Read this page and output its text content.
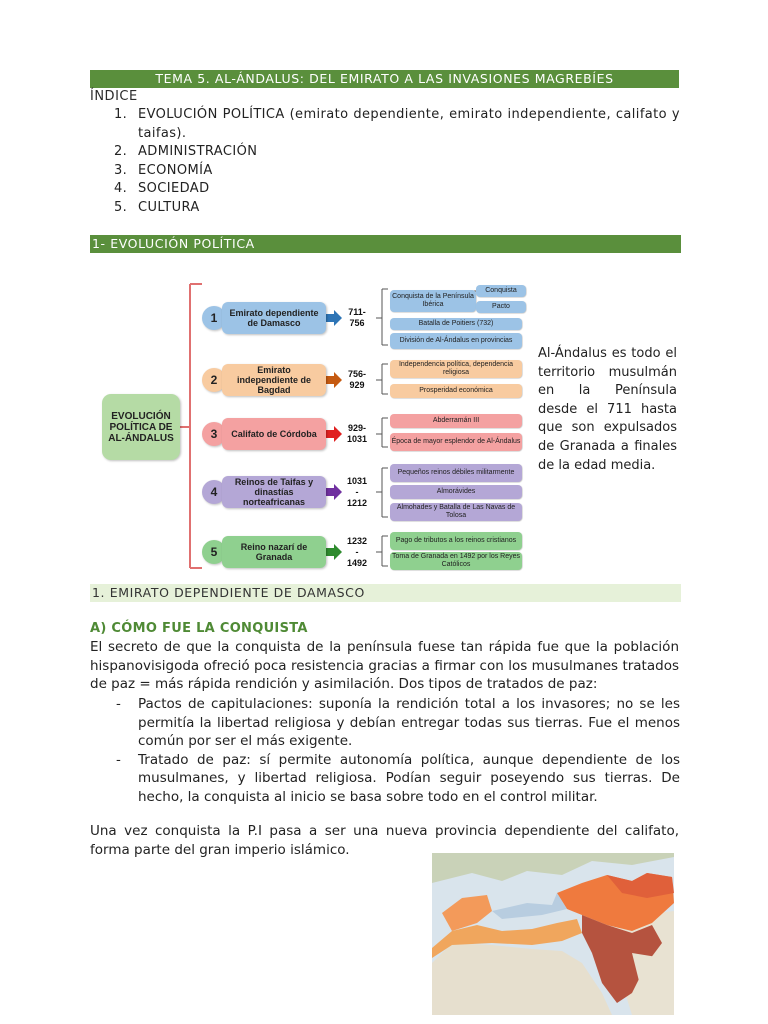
TEMA 5. AL-ÁNDALUS: DEL EMIRATO A LAS INVASIONES MAGREBÍES
ÍNDICE
1. EVOLUCIÓN POLÍTICA (emirato dependiente, emirato independiente, califato y taifas).
2. ADMINISTRACIÓN
3. ECONOMÍA
4. SOCIEDAD
5. CULTURA
1- EVOLUCIÓN POLÍTICA
EVOLUCIÓN POLÍTICA DE AL-ÁNDALUS
1	Emirato dependiente de Damasco
711-
756
Conquista de la Península Ibérica
Conquista
Pacto
Batalla de Poitiers (732)
División de Al-Ándalus en provincias
2
Emirato independiente de Bagdad
756-
929
Independencia política, dependencia religiosa
Prosperidad económica
3	Califato de Córdoba
929-
1031
Abderramán III
Época de mayor esplendor de Al-Ándalus
4
Reinos de Taifas y dinastías norteafricanas
1031
-
1212
Pequeños reinos débiles militarmente
Almorávides
Almohades y Batalla de Las Navas de Tolosa
5	Reino nazarí de Granada
1232
-
1492
Pago de tributos a los reinos cristianos
Toma de Granada en 1492 por los Reyes Católicos
Al-Ándalus es todo el territorio musulmán en la Península desde el 711 hasta que son expulsados de Granada a finales de la edad media.
1. EMIRATO DEPENDIENTE DE DAMASCO
A) CÓMO FUE LA CONQUISTA
El secreto de que la conquista de la península fuese tan rápida fue que la población hispanovisigoda ofreció poca resistencia gracias a firmar con los musulmanes tratados de paz = más rápida rendición y asimilación. Dos tipos de tratados de paz:
- Pactos de capitulaciones: suponía la rendición total a los invasores; no se les permitía la libertad religiosa y debían entregar todas sus tierras. Fue el menos común por ser el más exigente.
- Tratado de paz: sí permite autonomía política, aunque dependiente de los musulmanes, y libertad religiosa. Podían seguir poseyendo sus tierras. De hecho, la conquista al inicio se basa sobre todo en el control militar.
Una vez conquista la P.I pasa a ser una nueva provincia dependiente del califato, forma parte del gran imperio islámico.
